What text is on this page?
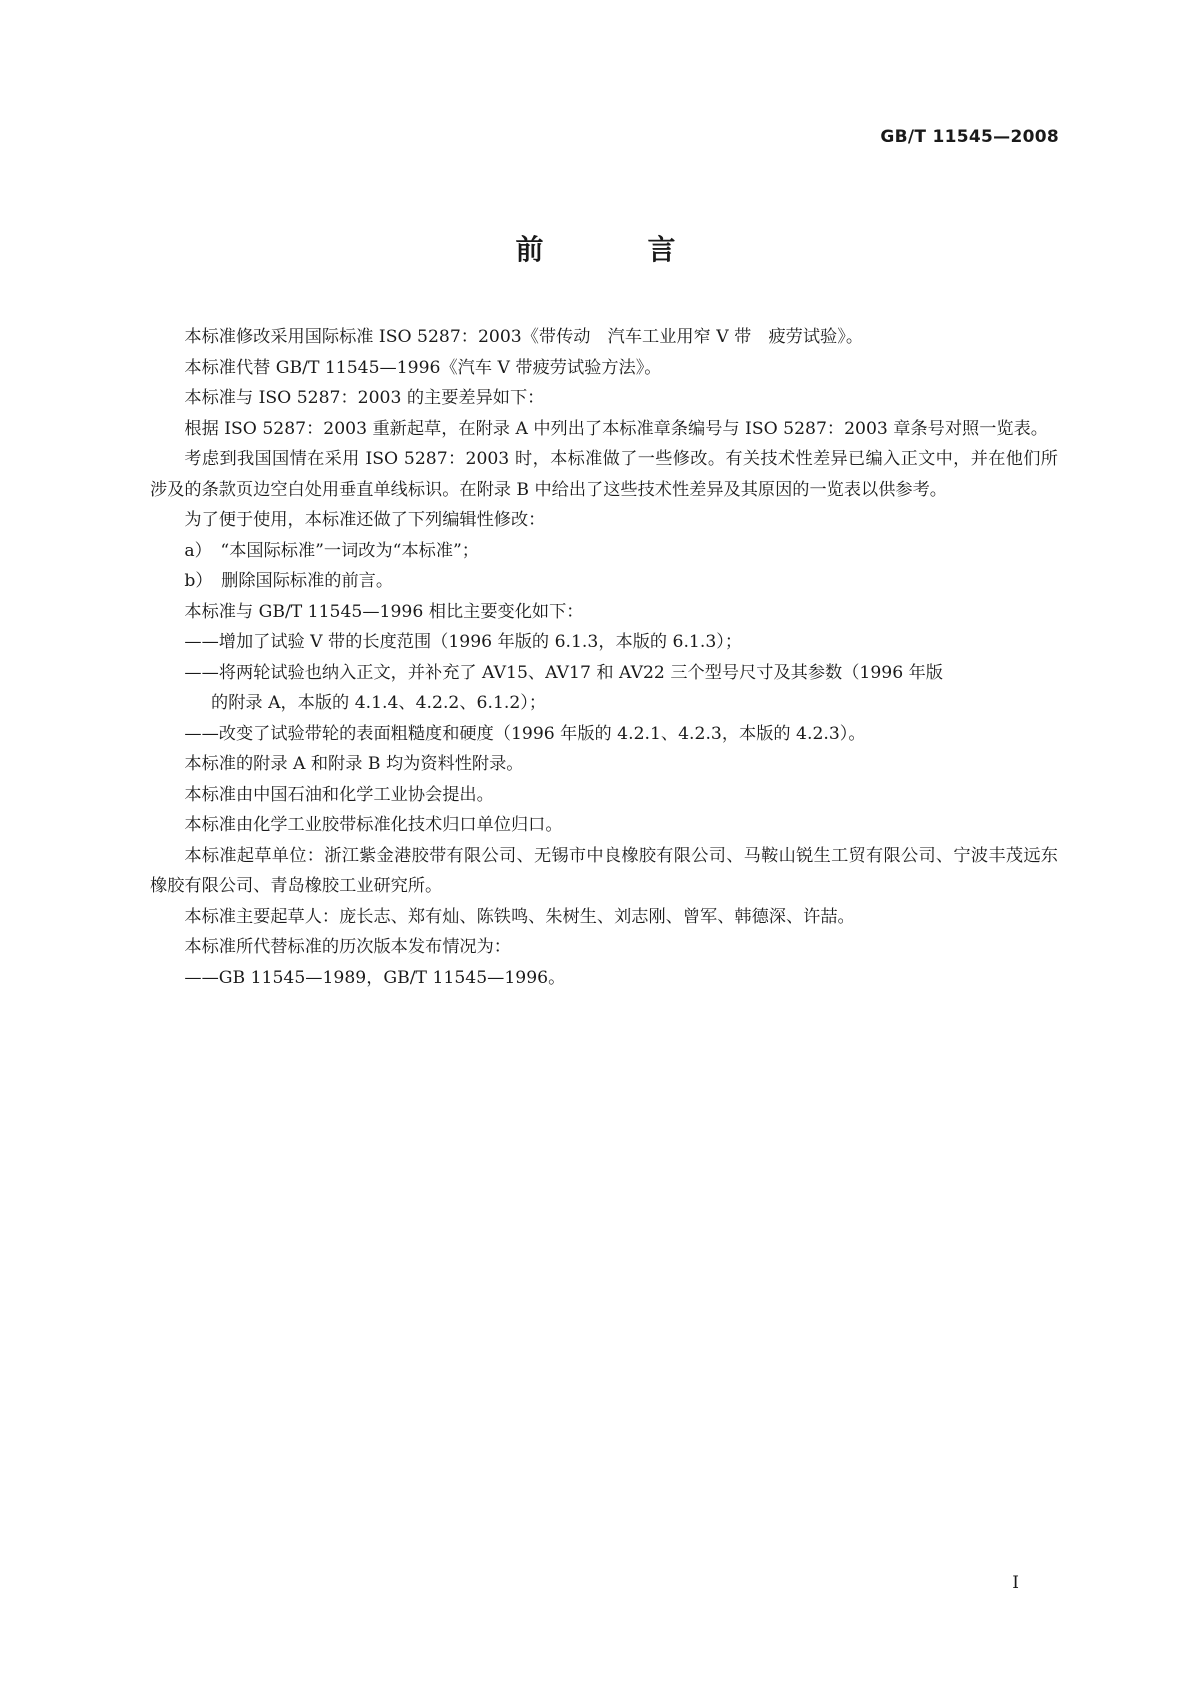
GB/T 11545—2008
前　言

本标准修改采用国际标准 ISO 5287：2003《带传动　汽车工业用窄 V 带　疲劳试验》。

本标准代替 GB/T 11545—1996《汽车 V 带疲劳试验方法》。

本标准与 ISO 5287：2003 的主要差异如下：

根据 ISO 5287：2003 重新起草，在附录 A 中列出了本标准章条编号与 ISO 5287：2003 章条号对照一览表。

考虑到我国国情在采用 ISO 5287：2003 时，本标准做了一些修改。有关技术性差异已编入正文中，并在他们所涉及的条款页边空白处用垂直单线标识。在附录 B 中给出了这些技术性差异及其原因的一览表以供参考。

为了便于使用，本标准还做了下列编辑性修改：

a）　“本国际标准”一词改为“本标准”；

b）　删除国际标准的前言。

本标准与 GB/T 11545—1996 相比主要变化如下：

——增加了试验 V 带的长度范围（1996 年版的 6.1.3，本版的 6.1.3）；

——将两轮试验也纳入正文，并补充了 AV15、AV17 和 AV22 三个型号尺寸及其参数（1996 年版

的附录 A，本版的 4.1.4、4.2.2、6.1.2）；

——改变了试验带轮的表面粗糙度和硬度（1996 年版的 4.2.1、4.2.3，本版的 4.2.3）。

本标准的附录 A 和附录 B 均为资料性附录。

本标准由中国石油和化学工业协会提出。

本标准由化学工业胶带标准化技术归口单位归口。

本标准起草单位：浙江紫金港胶带有限公司、无锡市中良橡胶有限公司、马鞍山锐生工贸有限公司、宁波丰茂远东橡胶有限公司、青岛橡胶工业研究所。

本标准主要起草人：庞长志、郑有灿、陈铁鸣、朱树生、刘志刚、曾军、韩德深、许喆。

本标准所代替标准的历次版本发布情况为：

——GB 11545—1989，GB/T 11545—1996。

I
